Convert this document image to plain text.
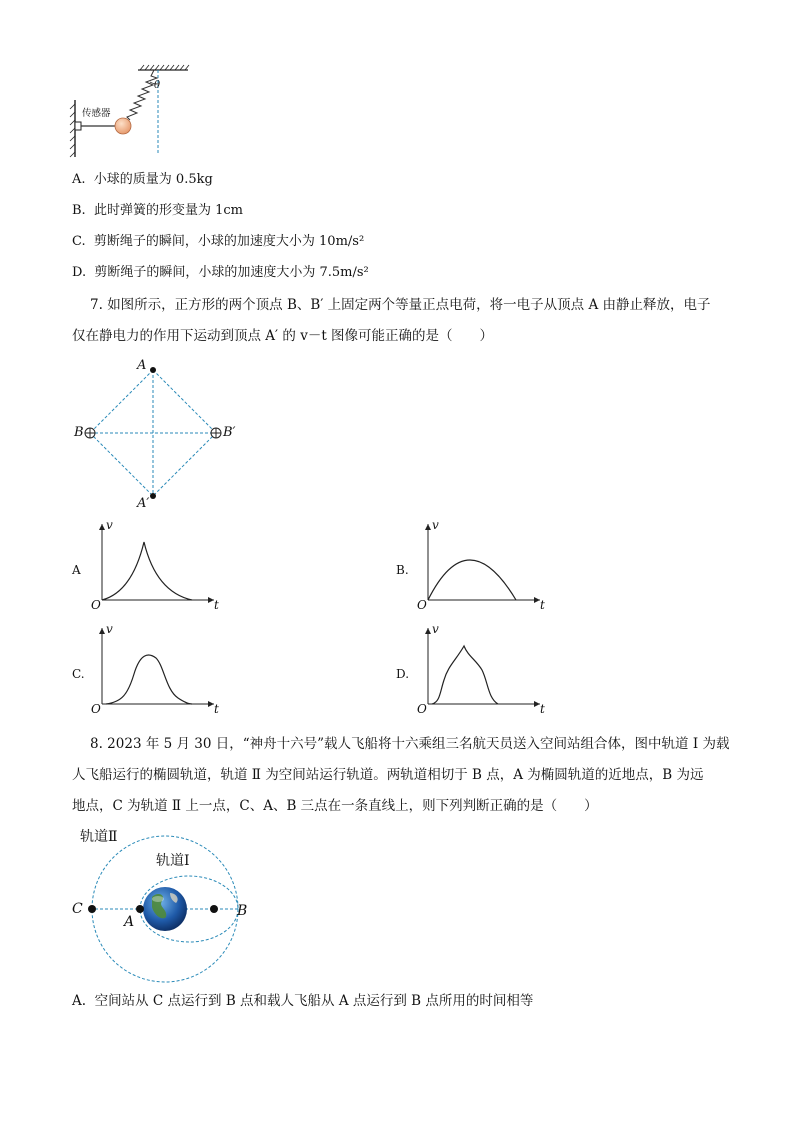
传感器
θ
A. 小球的质量为 0.5kg
B. 此时弹簧的形变量为 1cm
C. 剪断绳子的瞬间，小球的加速度大小为 10m/s²
D. 剪断绳子的瞬间，小球的加速度大小为 7.5m/s²
7. 如图所示，正方形的两个顶点 B、B′ 上固定两个等量正点电荷，将一电子从顶点 A 由静止释放，电子
仅在静电力的作用下运动到顶点 A′ 的 v－t 图像可能正确的是（　　）
A
B	B′
A′
A	B.
C.	D.
v
O	t
v
O	t
v
O	t
v
O	t
8. 2023 年 5 月 30 日，“神舟十六号”载人飞船将十六乘组三名航天员送入空间站组合体，图中轨道 Ⅰ 为载
人飞船运行的椭圆轨道，轨道 Ⅱ 为空间站运行轨道。两轨道相切于 B 点，A 为椭圆轨道的近地点，B 为远
地点，C 为轨道 Ⅱ 上一点，C、A、B 三点在一条直线上，则下列判断正确的是（　　）
轨道Ⅱ
轨道Ⅰ
C
A
B
A. 空间站从 C 点运行到 B 点和载人飞船从 A 点运行到 B 点所用的时间相等
